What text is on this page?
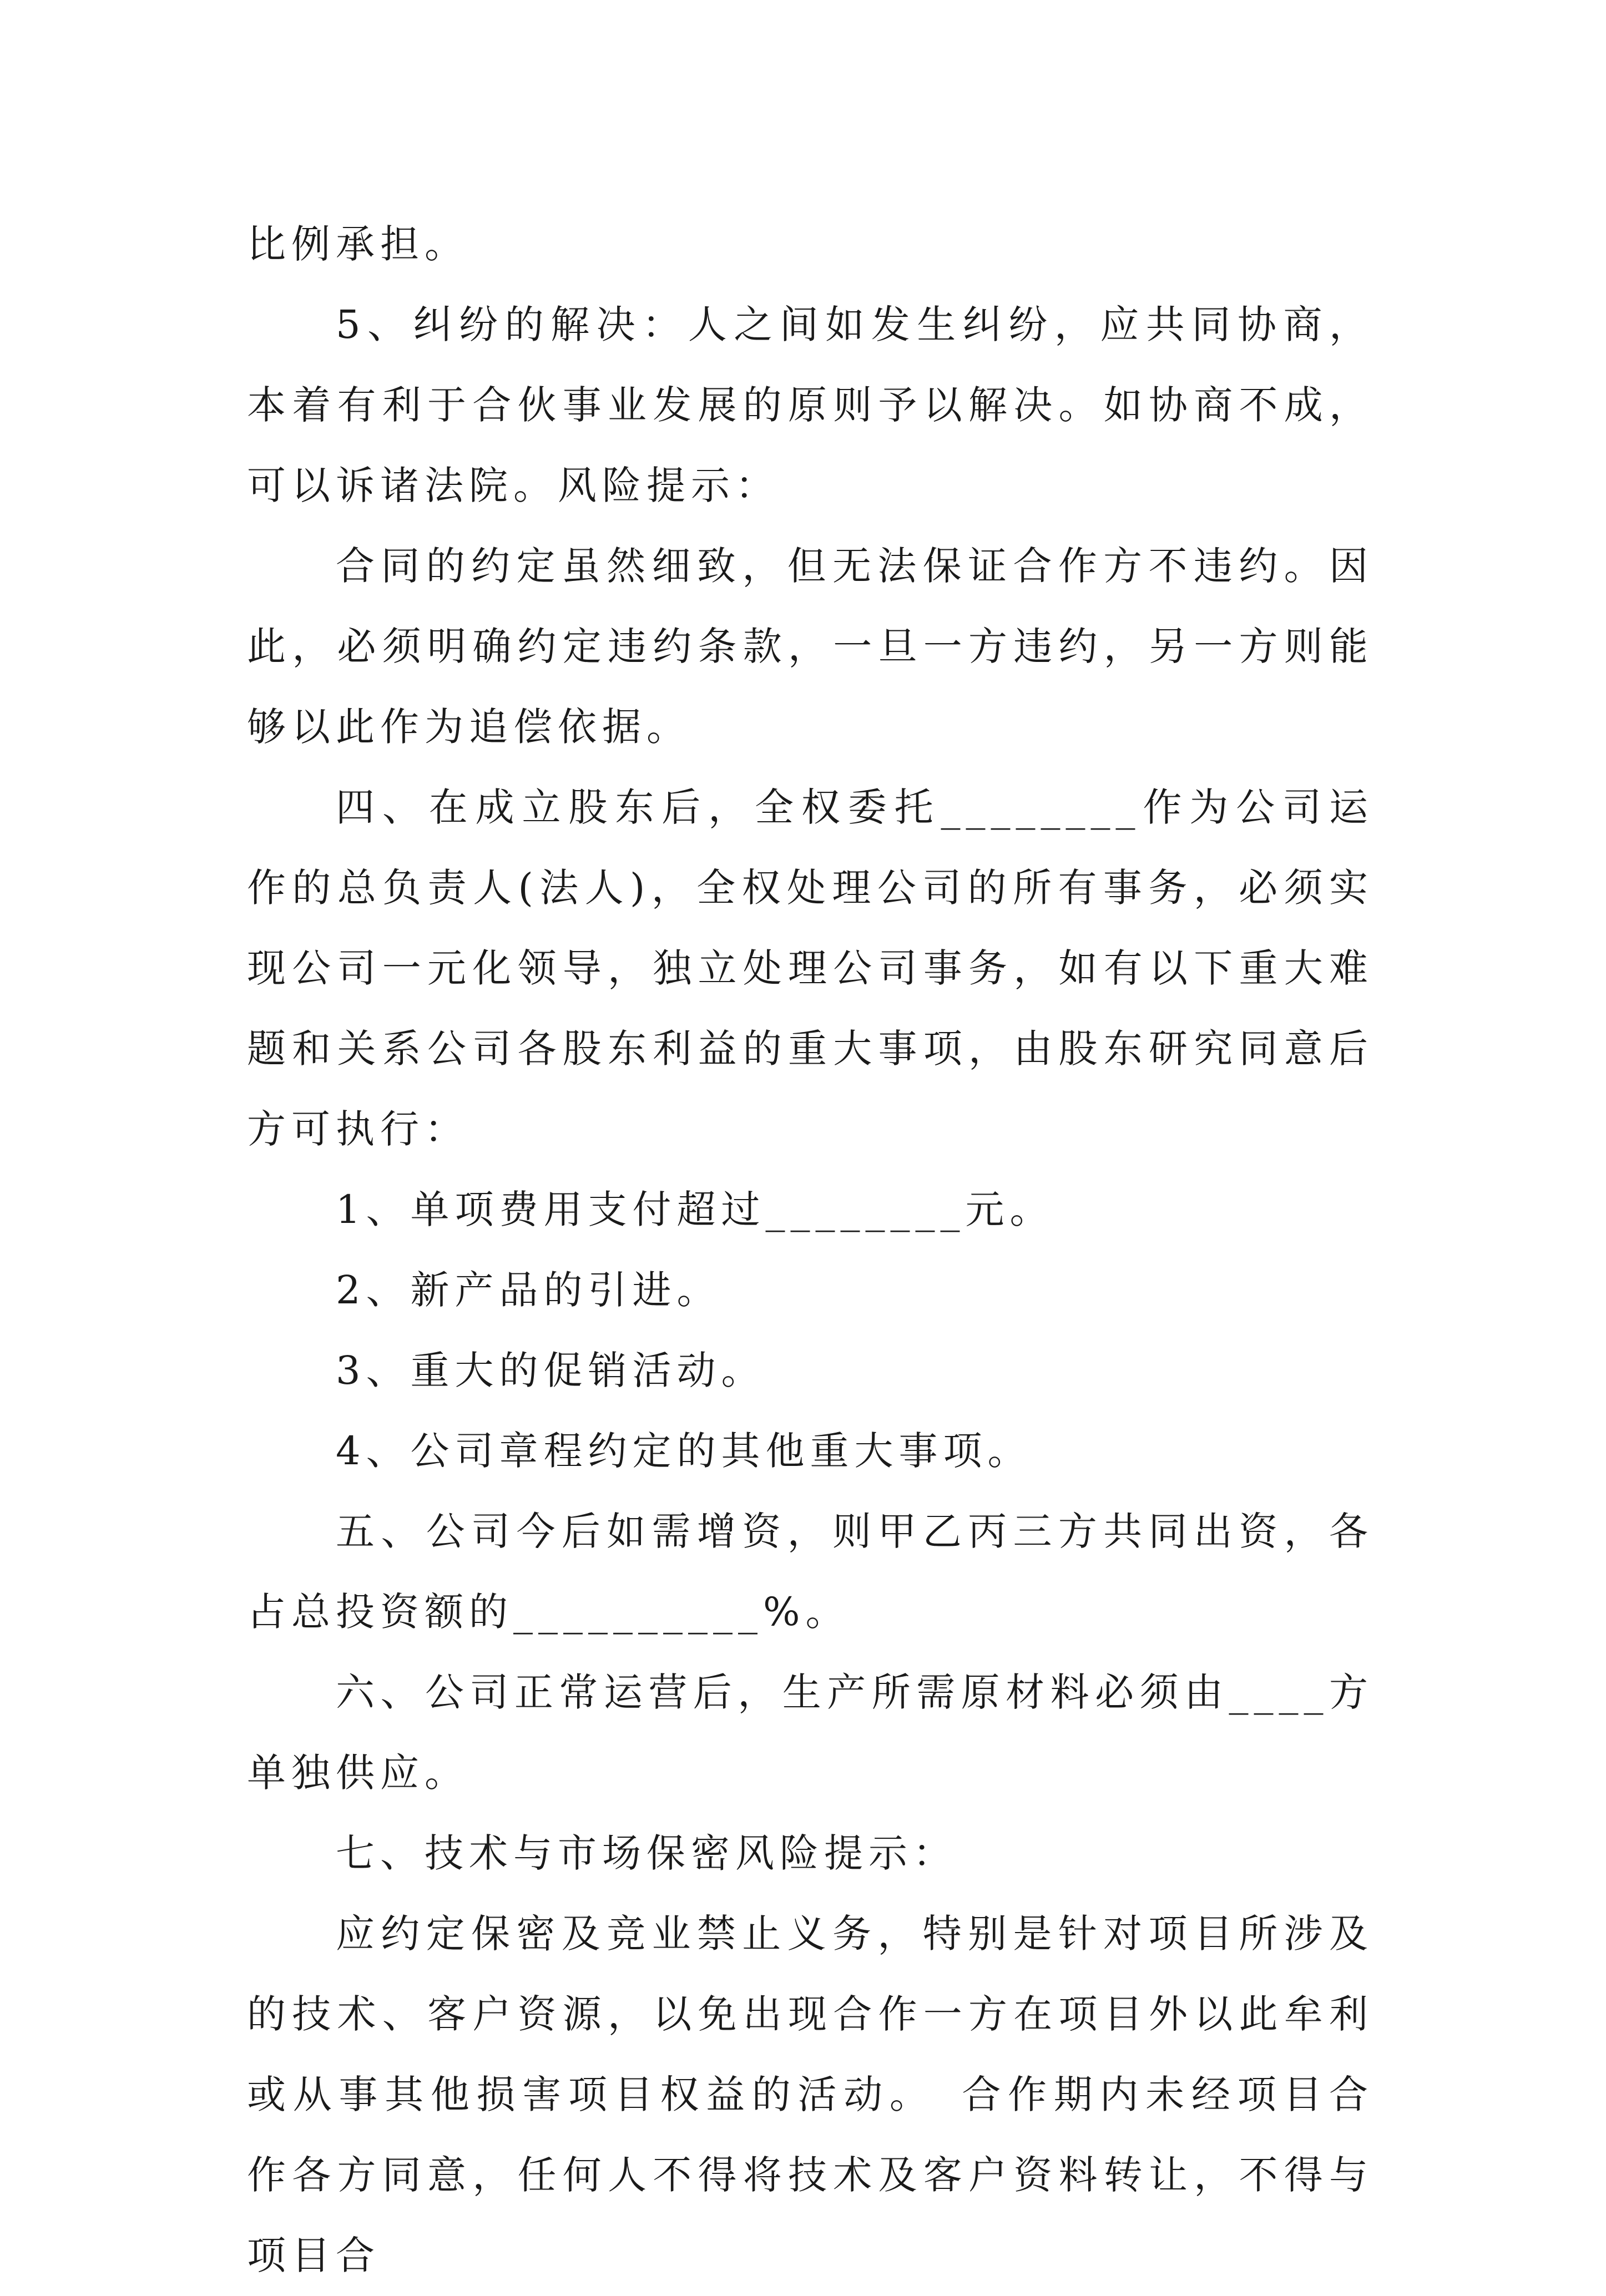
比例承担。

5、纠纷的解决：人之间如发生纠纷，应共同协商，本着有利于合伙事业发展的原则予以解决。如协商不成，可以诉诸法院。风险提示：

合同的约定虽然细致，但无法保证合作方不违约。因此，必须明确约定违约条款，一旦一方违约，另一方则能够以此作为追偿依据。

四、在成立股东后，全权委托________作为公司运作的总负责人(法人)，全权处理公司的所有事务，必须实现公司一元化领导，独立处理公司事务，如有以下重大难题和关系公司各股东利益的重大事项，由股东研究同意后方可执行：

1、单项费用支付超过________元。

2、新产品的引进。

3、重大的促销活动。

4、公司章程约定的其他重大事项。

五、公司今后如需增资，则甲乙丙三方共同出资，各占总投资额的__________%。

六、公司正常运营后，生产所需原材料必须由____方单独供应。

七、技术与市场保密风险提示：

应约定保密及竞业禁止义务，特别是针对项目所涉及的技术、客户资源，以免出现合作一方在项目外以此牟利或从事其他损害项目权益的活动。　合作期内未经项目合作各方同意，任何人不得将技术及客户资料转让，不得与项目合
